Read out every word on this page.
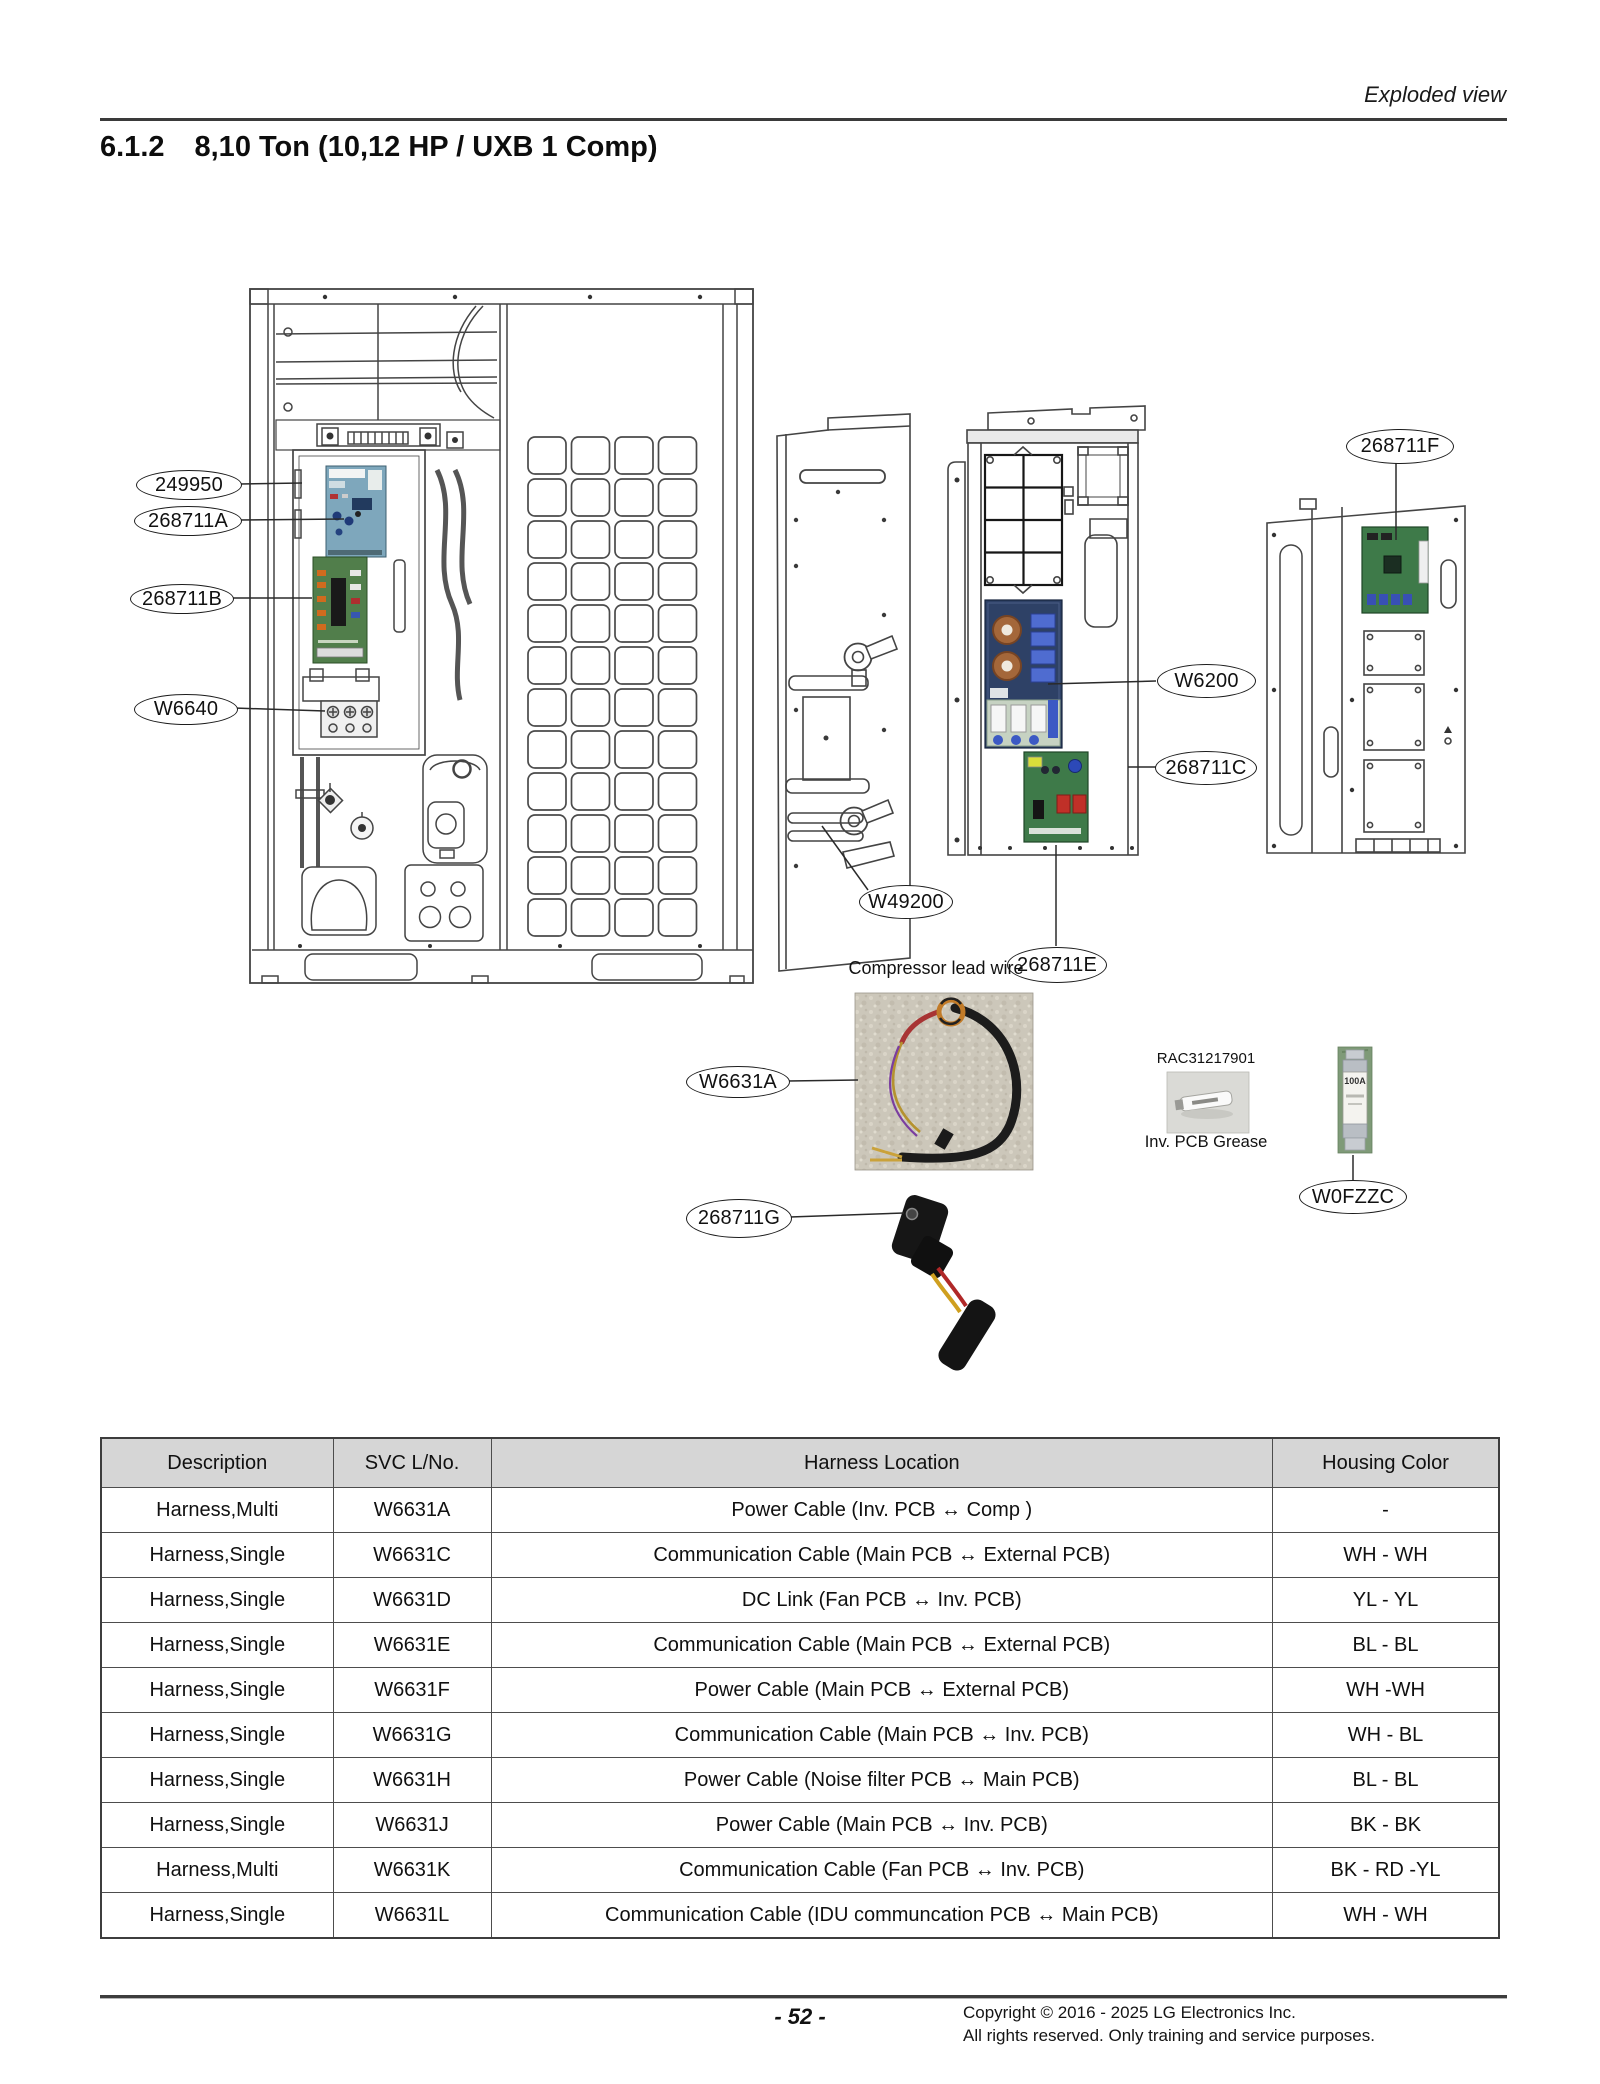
Exploded view
6.1.2 8,10 Ton (10,12 HP / UXB 1 Comp)
249950
268711A
268711B
W6640
W6200
268711C
268711F
W49200
268711E
W6631A
268711G
W0FZZC
Compressor lead wire
RAC31217901
Inv. PCB Grease
100A
Description	SVC L/No.	Harness Location	Housing Color
Harness,Multi	W6631A	Power Cable (Inv. PCB ↔ Comp )	-
Harness,Single	W6631C	Communication Cable (Main PCB ↔ External PCB)	WH - WH
Harness,Single	W6631D	DC Link (Fan PCB ↔ Inv. PCB)	YL - YL
Harness,Single	W6631E	Communication Cable (Main PCB ↔ External PCB)	BL - BL
Harness,Single	W6631F	Power Cable (Main PCB ↔ External PCB)	WH -WH
Harness,Single	W6631G	Communication Cable (Main PCB ↔ Inv. PCB)	WH - BL
Harness,Single	W6631H	Power Cable (Noise filter PCB ↔ Main PCB)	BL - BL
Harness,Single	W6631J	Power Cable (Main PCB ↔ Inv. PCB)	BK - BK
Harness,Multi	W6631K	Communication Cable (Fan PCB ↔ Inv. PCB)	BK - RD -YL
Harness,Single	W6631L	Communication Cable (IDU communcation PCB ↔ Main PCB)	WH - WH
- 52 -	Copyright © 2016 - 2025 LG Electronics Inc.
All rights reserved. Only training and service purposes.
